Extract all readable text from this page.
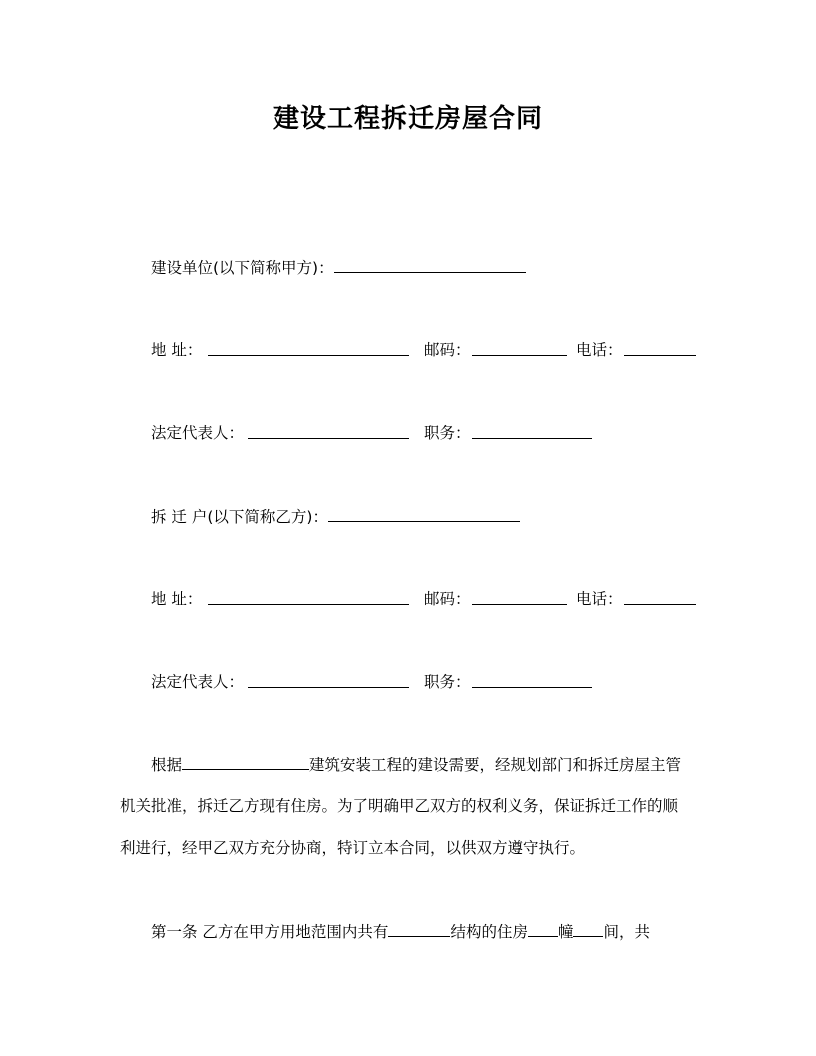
建设工程拆迁房屋合同
建设单位(以下简称甲方)：
地 址：	邮码：	电话：
法定代表人：	职务：
拆 迁 户(以下简称乙方)：
地 址：	邮码：	电话：
法定代表人：	职务：
根据	建筑安装工程的建设需要，经规划部门和拆迁房屋主管
机关批准，拆迁乙方现有住房。为了明确甲乙双方的权利义务，保证拆迁工作的顺
利进行，经甲乙双方充分协商，特订立本合同，以供双方遵守执行。
第一条 乙方在甲方用地范围内共有	结构的住房 幢 间，共
